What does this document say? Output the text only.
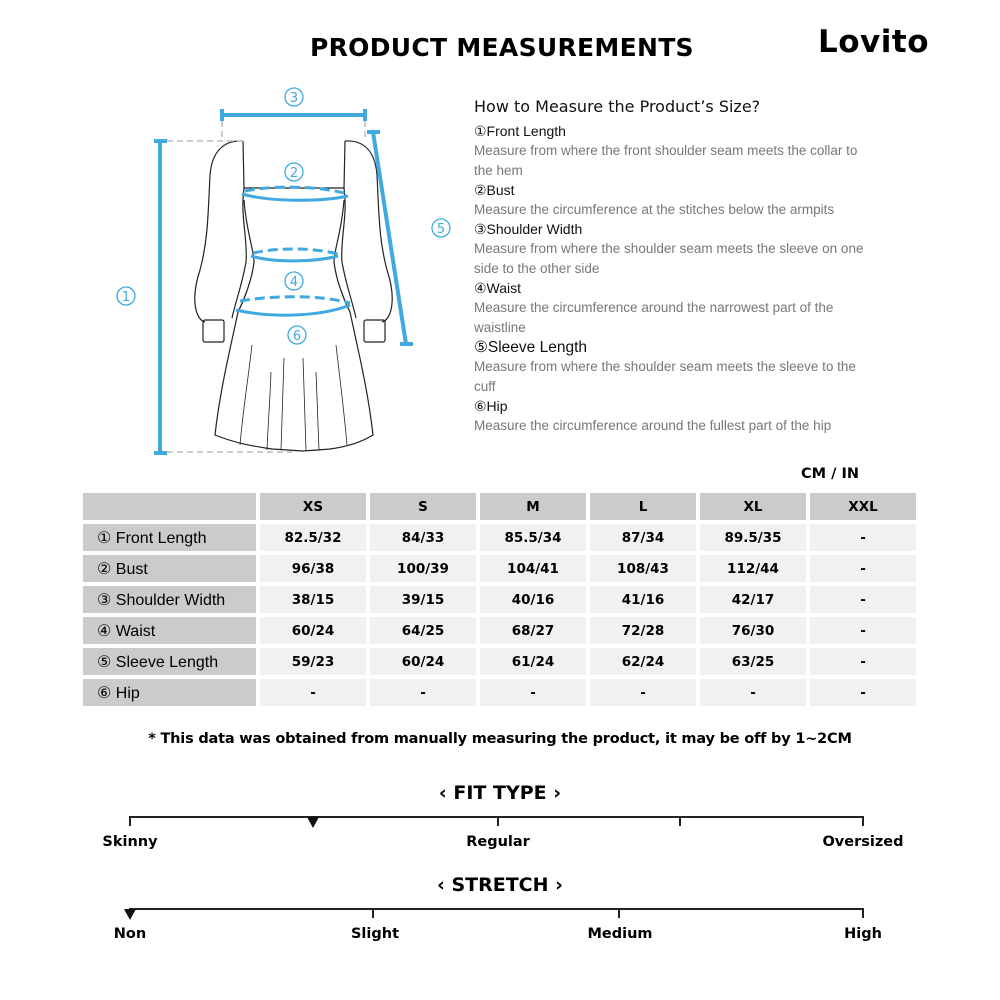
PRODUCT MEASUREMENTS	Lovito
3
2
4
6
5
1
How to Measure the Product’s Size?
①Front Length
Measure from where the front shoulder seam meets the collar to
the hem
②Bust
Measure the circumference at the stitches below the armpits
③Shoulder Width
Measure from where the shoulder seam meets the sleeve on one
side to the other side
④Waist
Measure the circumference around the narrowest part of the
waistline
⑤Sleeve Length
Measure from where the shoulder seam meets the sleeve to the
cuff
⑥Hip
Measure the circumference around the fullest part of the hip
CM / IN
	XS	S	M	L	XL	XXL
① Front Length	82.5/32	84/33	85.5/34	87/34	89.5/35	-
② Bust	96/38	100/39	104/41	108/43	112/44	-
③ Shoulder Width	38/15	39/15	40/16	41/16	42/17	-
④ Waist	60/24	64/25	68/27	72/28	76/30	-
⑤ Sleeve Length	59/23	60/24	61/24	62/24	63/25	-
⑥ Hip	-	-	-	-	-	-
* This data was obtained from manually measuring the product, it may be off by 1~2CM
‹ FIT TYPE ›
Skinny	Regular	Oversized
‹ STRETCH ›
Non	Slight	Medium	High
